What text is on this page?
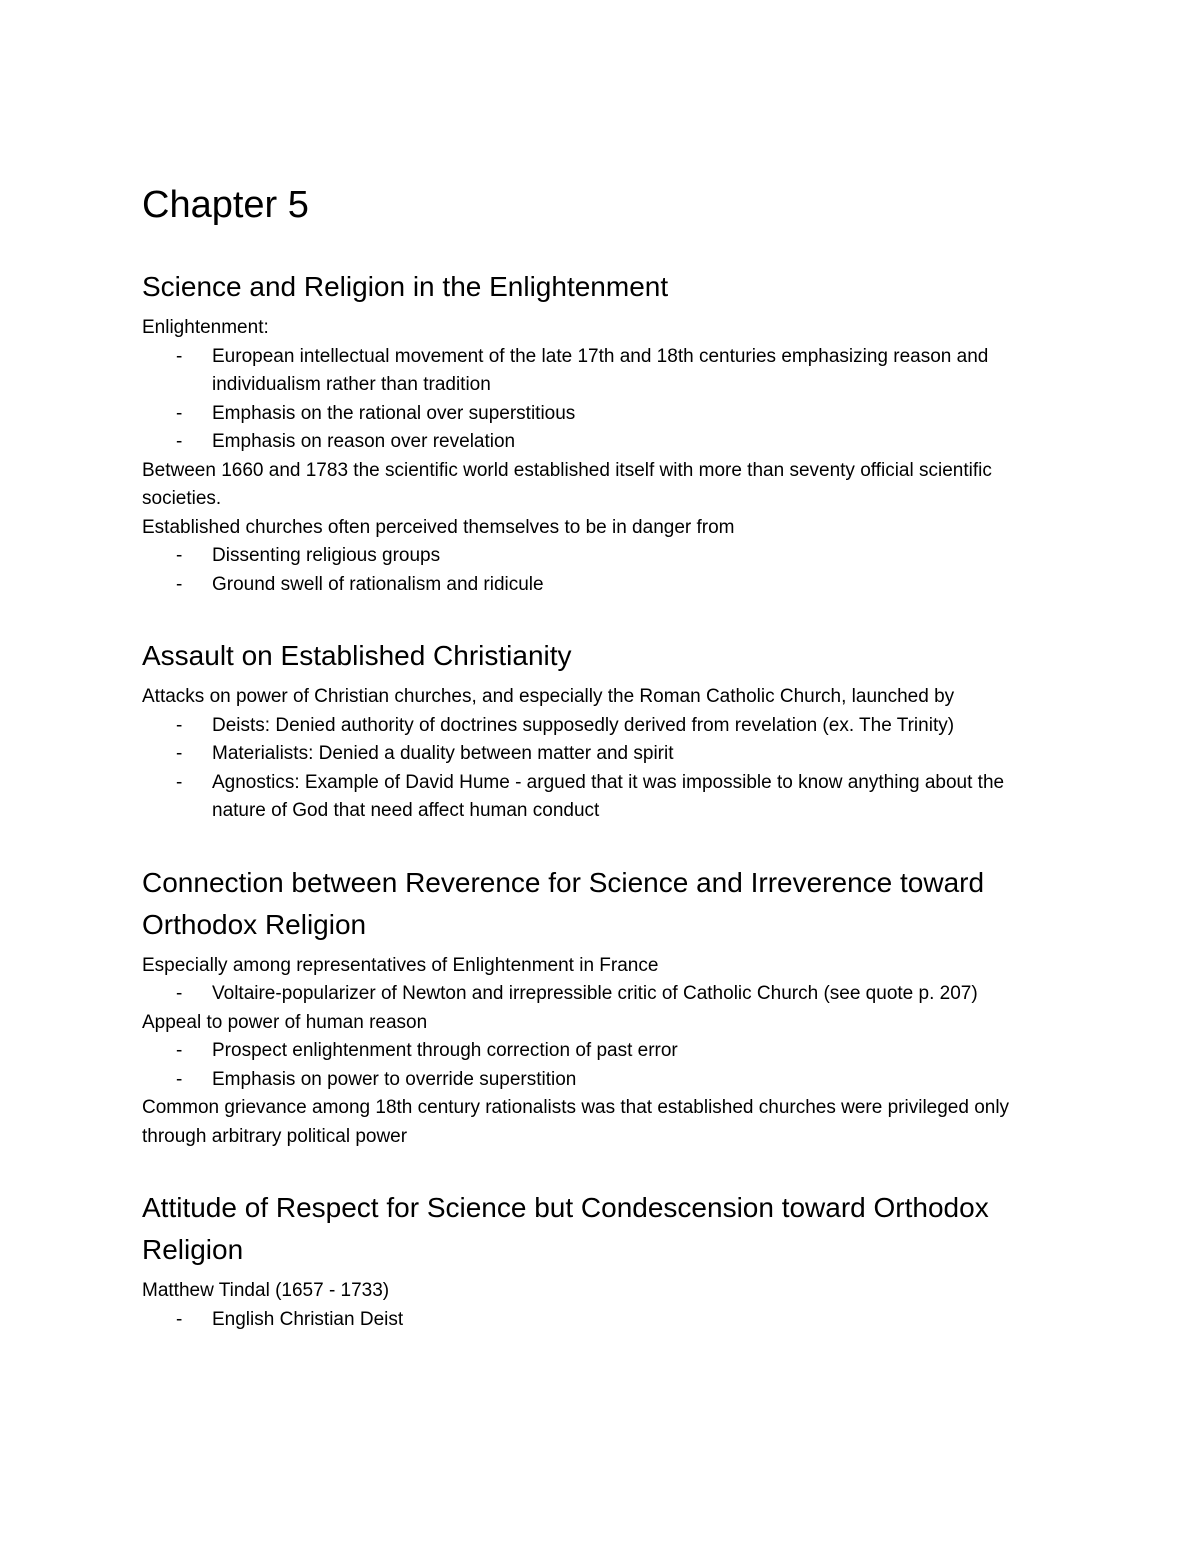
Chapter 5
Science and Religion in the Enlightenment

Enlightenment:

- European intellectual movement of the late 17th and 18th centuries emphasizing reason and individualism rather than tradition
- Emphasis on the rational over superstitious
- Emphasis on reason over revelation

Between 1660 and 1783 the scientific world established itself with more than seventy official scientific societies.

Established churches often perceived themselves to be in danger from

- Dissenting religious groups
- Ground swell of rationalism and ridicule
Assault on Established Christianity

Attacks on power of Christian churches, and especially the Roman Catholic Church, launched by

- Deists: Denied authority of doctrines supposedly derived from revelation (ex. The Trinity)
- Materialists: Denied a duality between matter and spirit
- Agnostics: Example of David Hume - argued that it was impossible to know anything about the nature of God that need affect human conduct
Connection between Reverence for Science and Irreverence toward Orthodox Religion

Especially among representatives of Enlightenment in France

- Voltaire-popularizer of Newton and irrepressible critic of Catholic Church (see quote p. 207)

Appeal to power of human reason

- Prospect enlightenment through correction of past error
- Emphasis on power to override superstition

Common grievance among 18th century rationalists was that established churches were privileged only through arbitrary political power

Attitude of Respect for Science but Condescension toward Orthodox Religion

Matthew Tindal (1657 - 1733)

- English Christian Deist
